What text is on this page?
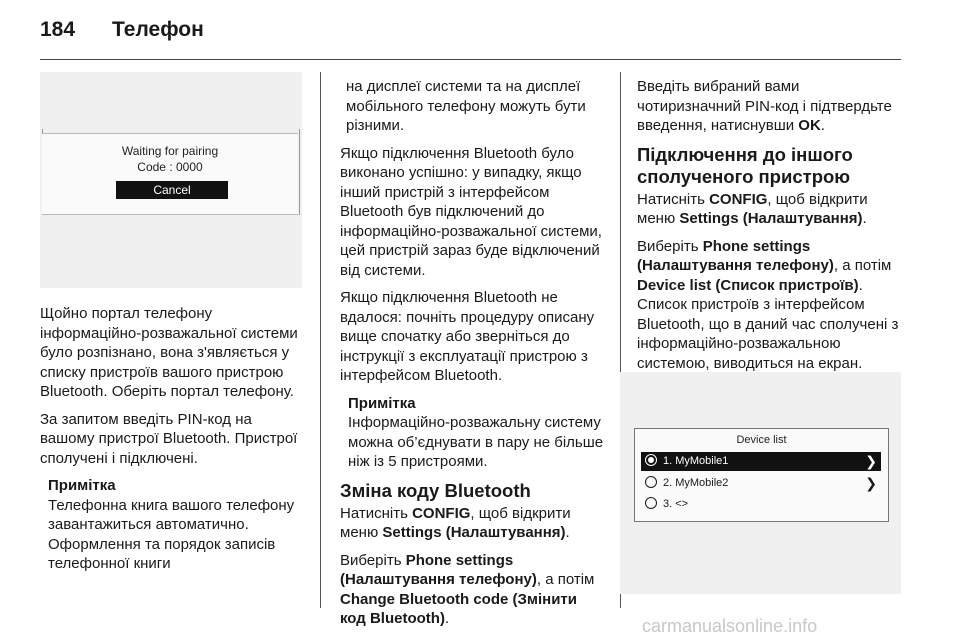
184 Телефон
Waiting for pairing
Code : 0000
Cancel

Щойно портал телефону інформаційно-розважальної системи було розпізнано, вона з'являється у списку пристроїв вашого пристрою Bluetooth. Оберіть портал телефону.

За запитом введіть PIN-код на вашому пристрої Bluetooth. Пристрої сполучені і підключені.

Примітка
Телефонна книга вашого телефону завантажиться автоматично. Оформлення та порядок записів телефонної книги
на дисплеї системи та на дисплеї мобільного телефону можуть бути різними.

Якщо підключення Bluetooth було виконано успішно: у випадку, якщо інший пристрій з інтерфейсом Bluetooth був підключений до інформаційно-розважальної системи, цей пристрій зараз буде відключений від системи.

Якщо підключення Bluetooth не вдалося: почніть процедуру описану вище спочатку або зверніться до інструкції з експлуатації пристрою з інтерфейсом Bluetooth.

Примітка
Інформаційно-розважальну систему можна об’єднувати в пару не більше ніж із 5 пристроями.
Зміна коду Bluetooth

Натисніть CONFIG, щоб відкрити меню Settings (Налаштування).

Виберіть Phone settings (Налаштування телефону), а потім Change Bluetooth code (Змінити код Bluetooth).

Введіть вибраний вами чотиризначний PIN-код і підтвердьте введення, натиснувши OK.

Підключення до іншого сполученого пристрою

Натисніть CONFIG, щоб відкрити меню Settings (Налаштування).

Виберіть Phone settings (Налаштування телефону), а потім Device list (Список пристроїв).

Список пристроїв з інтерфейсом Bluetooth, що в даний час сполучені з інформаційно-розважальною системою, виводиться на екран.

Device list
1. MyMobile1	❯
2. MyMobile2	❯
3. <>
carmanualsonline.info
